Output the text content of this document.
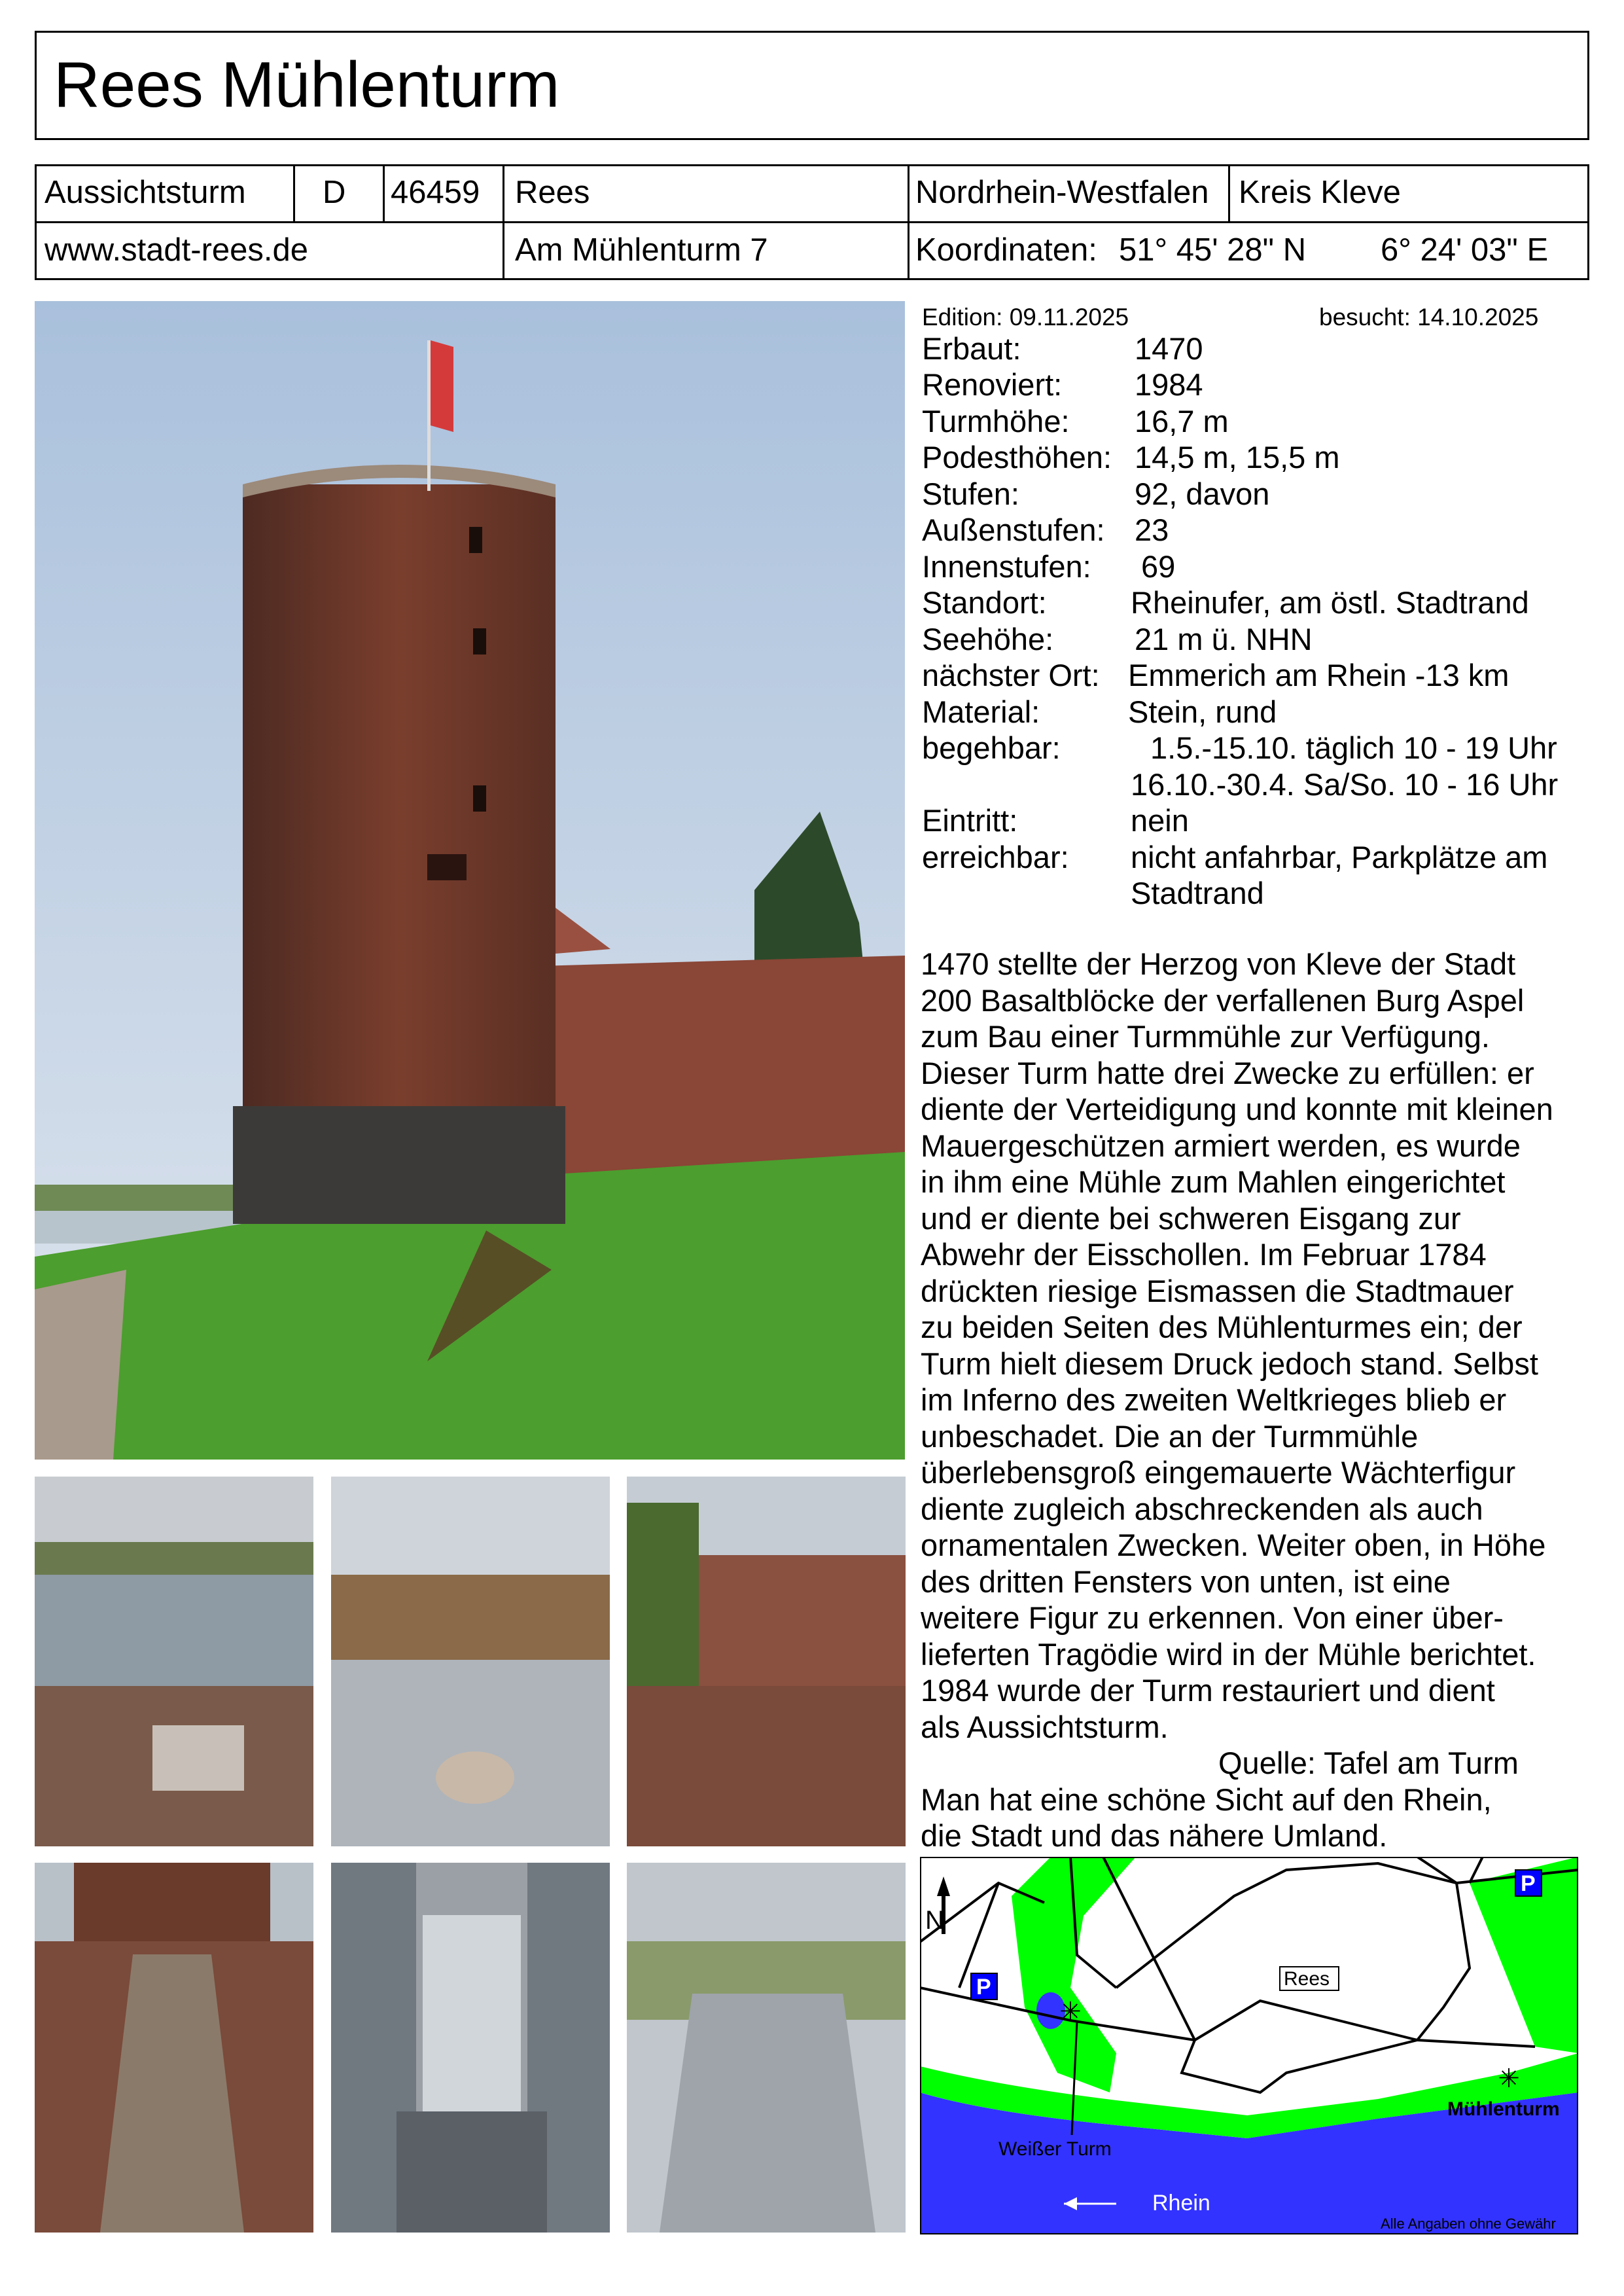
Rees Mühlenturm
Aussichtsturm D 46459 Rees	Nordrhein-Westfalen Kreis Kleve
www.stadt-rees.de	Am Mühlenturm 7	Koordinaten: 51° 45' 28" N 6° 24' 03" E
Edition: 09.11.2025	besucht: 14.10.2025
Erbaut:	1470
Renoviert: 1984
Turmhöhe: 16,7 m
Podesthöhen: 14,5 m, 15,5 m
Stufen:	92, davon
Außenstufen: 23
Innenstufen: 69
Standort:	Rheinufer, am östl. Stadtrand
Seehöhe:	21 m ü. NHN
nächster Ort: Emmerich am Rhein -13 km
Material:	Stein, rund
begehbar:	1.5.-15.10. täglich 10 - 19 Uhr
16.10.-30.4. Sa/So. 10 - 16 Uhr
Eintritt:	nein
erreichbar: nicht anfahrbar, Parkplätze am
Stadtrand

1470 stellte der Herzog von Kleve der Stadt

200 Basaltblöcke der verfallenen Burg Aspel

zum Bau einer Turmmühle zur Verfügung.

Dieser Turm hatte drei Zwecke zu erfüllen: er

diente der Verteidigung und konnte mit kleinen

Mauergeschützen armiert werden, es wurde

in ihm eine Mühle zum Mahlen eingerichtet

und er diente bei schweren Eisgang zur

Abwehr der Eisschollen. Im Februar 1784

drückten riesige Eismassen die Stadtmauer

zu beiden Seiten des Mühlenturmes ein; der

Turm hielt diesem Druck jedoch stand. Selbst

im Inferno des zweiten Weltkrieges blieb er

unbeschadet. Die an der Turmmühle

überlebensgroß eingemauerte Wächterfigur

diente zugleich abschreckenden als auch

ornamentalen Zwecken. Weiter oben, in Höhe

des dritten Fensters von unten, ist eine

weitere Figur zu erkennen. Von einer über-

lieferten Tragödie wird in der Mühle berichtet.

1984 wurde der Turm restauriert und dient

als Aussichtsturm.

Quelle: Tafel am Turm

Man hat eine schöne Sicht auf den Rhein,

die Stadt und das nähere Umland.

N
P
P
Rees
✳
Weißer Turm
✳
Mühlenturm
Rhein
Alle Angaben ohne Gewähr
